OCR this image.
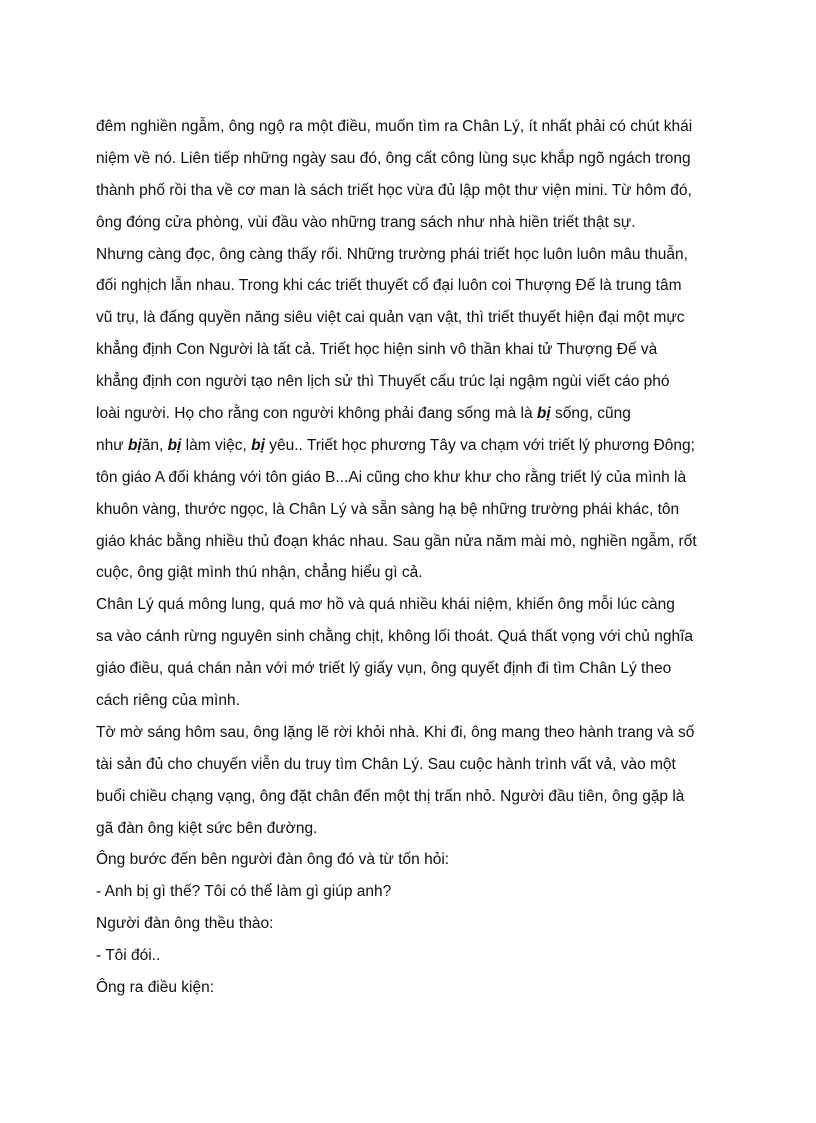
đêm nghiền ngẫm, ông ngộ ra một điều, muốn tìm ra Chân Lý, ít nhất phải có chút khái
niệm về nó. Liên tiếp những ngày sau đó, ông cất công lùng sục khắp ngõ ngách trong
thành phố rồi tha về cơ man là sách triết học vừa đủ lập một thư viện mini. Từ hôm đó,
ông đóng cửa phòng, vùi đầu vào những trang sách như nhà hiền triết thật sự.
Nhưng càng đọc, ông càng thấy rối. Những trường phái triết học luôn luôn mâu thuẫn,
đối nghịch lẫn nhau. Trong khi các triết thuyết cổ đại luôn coi Thượng Đế là trung tâm
vũ trụ, là đấng quyền năng siêu việt cai quản vạn vật, thì triết thuyết hiện đại một mực
khẳng định Con Người là tất cả. Triết học hiện sinh vô thần khai tử Thượng Đế và
khẳng định con người tạo nên lịch sử thì Thuyết cấu trúc lại ngậm ngùi viết cáo phó
loài người. Họ cho rằng con người không phải đang sống mà là bị sống, cũng
như bịăn, bị làm việc, bị yêu.. Triết học phương Tây va chạm với triết lý phương Đông;
tôn giáo A đối kháng với tôn giáo B...Ai cũng cho khư khư cho rằng triết lý của mình là
khuôn vàng, thước ngọc, là Chân Lý và sẵn sàng hạ bệ những trường phái khác, tôn
giáo khác bằng nhiều thủ đoạn khác nhau. Sau gần nửa năm mài mò, nghiền ngẫm, rốt
cuộc, ông giật mình thú nhận, chẳng hiểu gì cả.
Chân Lý quá mông lung, quá mơ hồ và quá nhiều khái niệm, khiến ông mỗi lúc càng
sa vào cánh rừng nguyên sinh chằng chịt, không lối thoát. Quá thất vọng với chủ nghĩa
giáo điều, quá chán nản với mớ triết lý giấy vụn, ông quyết định đi tìm Chân Lý theo
cách riêng của mình.
Tờ mờ sáng hôm sau, ông lặng lẽ rời khỏi nhà. Khi đi, ông mang theo hành trang và số
tài sản đủ cho chuyến viễn du truy tìm Chân Lý. Sau cuộc hành trình vất vả, vào một
buổi chiều chạng vạng, ông đặt chân đến một thị trấn nhỏ. Người đầu tiên, ông gặp là
gã đàn ông kiệt sức bên đường.
Ông bước đến bên người đàn ông đó và từ tốn hỏi:
- Anh bị gì thế? Tôi có thể làm gì giúp anh?
Người đàn ông thều thào:
- Tôi đói..
Ông ra điều kiện:
